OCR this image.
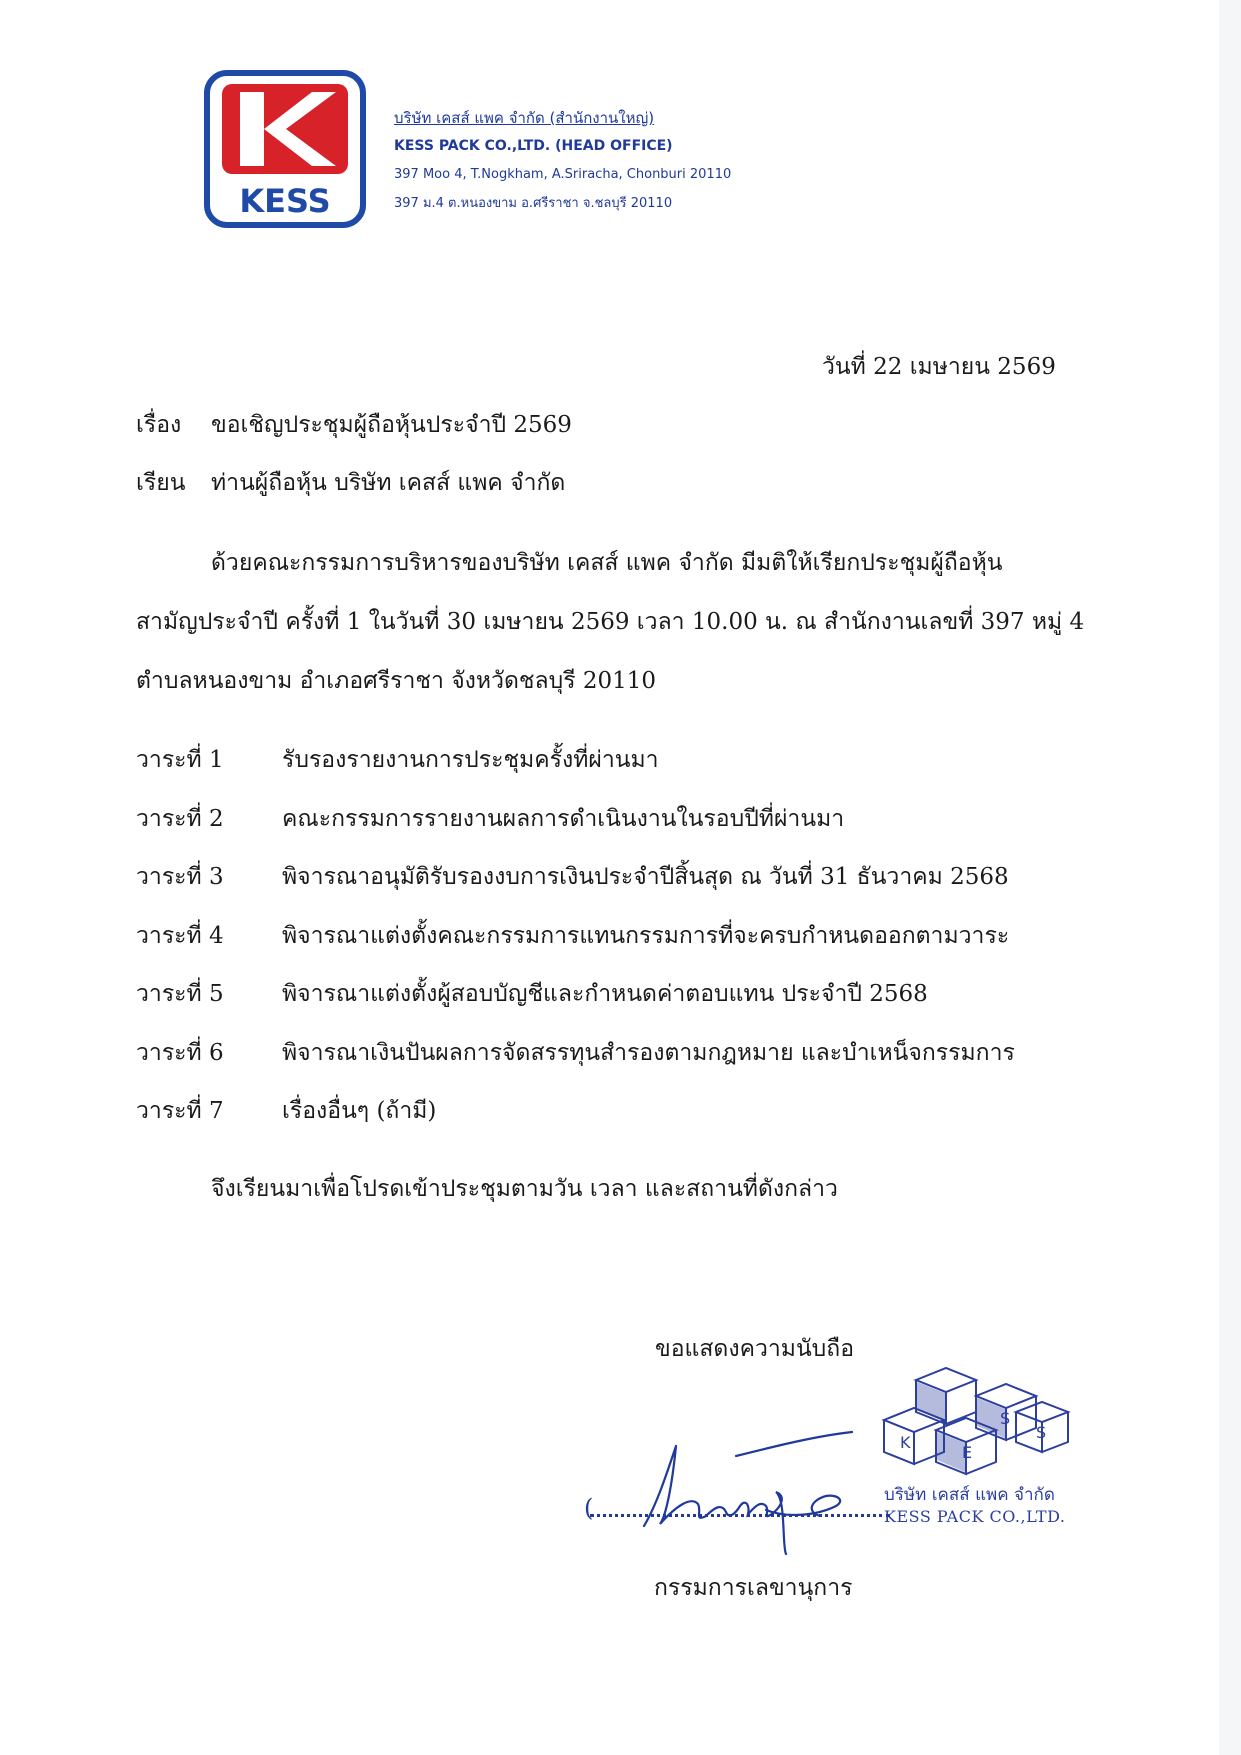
KESS
บริษัท เคสส์ แพค จำกัด (สำนักงานใหญ่)
KESS PACK CO.,LTD. (HEAD OFFICE)
397 Moo 4, T.Nogkham, A.Sriracha, Chonburi 20110
397 ม.4 ต.หนองขาม อ.ศรีราชา จ.ชลบุรี 20110
วันที่ 22 เมษายน 2569
เรื่อง ขอเชิญประชุมผู้ถือหุ้นประจำปี 2569
เรียน ท่านผู้ถือหุ้น บริษัท เคสส์ แพค จำกัด
ด้วยคณะกรรมการบริหารของบริษัท เคสส์ แพค จำกัด มีมติให้เรียกประชุมผู้ถือหุ้น
สามัญประจำปี ครั้งที่ 1 ในวันที่ 30 เมษายน 2569 เวลา 10.00 น. ณ สำนักงานเลขที่ 397 หมู่ 4
ตำบลหนองขาม อำเภอศรีราชา จังหวัดชลบุรี 20110
วาระที่ 1	รับรองรายงานการประชุมครั้งที่ผ่านมา
วาระที่ 2	คณะกรรมการรายงานผลการดำเนินงานในรอบปีที่ผ่านมา
วาระที่ 3	พิจารณาอนุมัติรับรองงบการเงินประจำปีสิ้นสุด ณ วันที่ 31 ธันวาคม 2568
วาระที่ 4	พิจารณาแต่งตั้งคณะกรรมการแทนกรรมการที่จะครบกำหนดออกตามวาระ
วาระที่ 5	พิจารณาแต่งตั้งผู้สอบบัญชีและกำหนดค่าตอบแทน ประจำปี 2568
วาระที่ 6	พิจารณาเงินปันผลการจัดสรรทุนสำรองตามกฎหมาย และบำเหน็จกรรมการ
วาระที่ 7	เรื่องอื่นๆ (ถ้ามี)
จึงเรียนมาเพื่อโปรดเข้าประชุมตามวัน เวลา และสถานที่ดังกล่าว
ขอแสดงความนับถือ
K
E
S
S
บริษัท เคสส์ แพค จำกัด
KESS PACK CO.,LTD.
(
กรรมการเลขานุการ
